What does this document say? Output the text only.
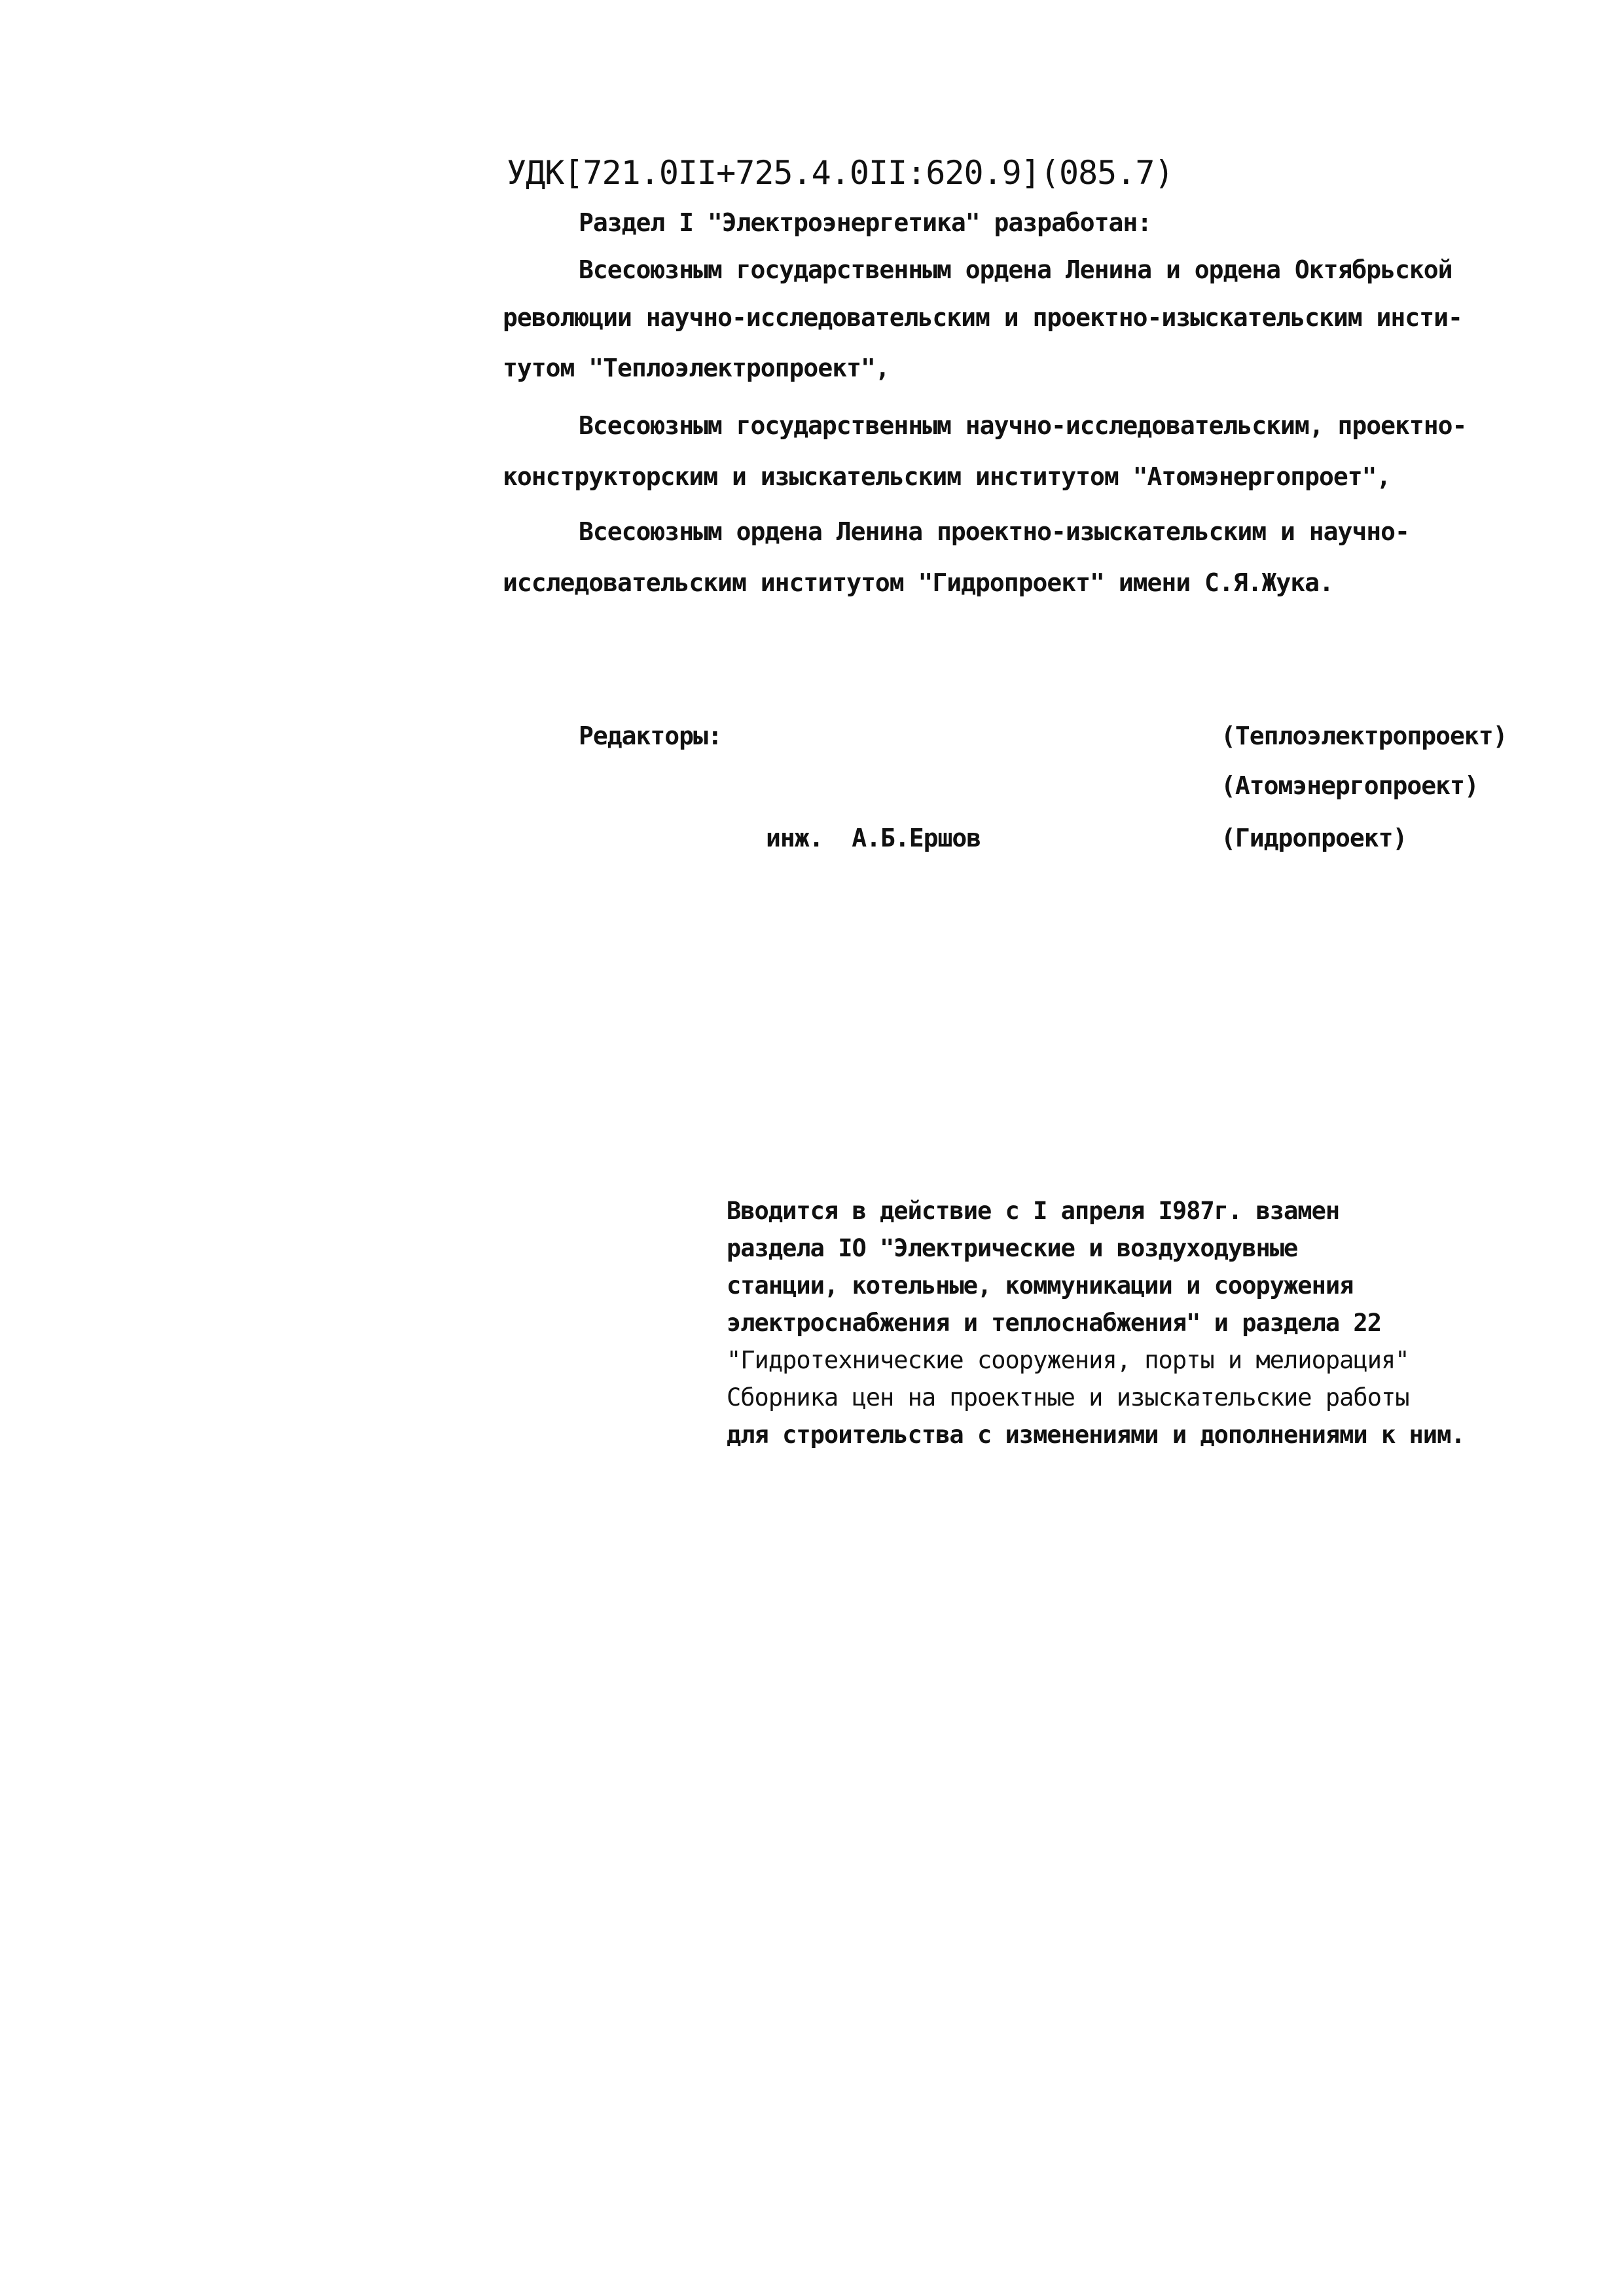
УДК[721.0II+725.4.0II:620.9](085.7)
Раздел I "Электроэнергетика" разработан:
Всесоюзным государственным ордена Ленина и ордена Октябрьской
революции научно-исследовательским и проектно-изыскательским инсти-
тутом "Теплоэлектропроект",
Всесоюзным государственным научно-исследовательским, проектно-
конструкторским и изыскательским институтом "Атомэнергопроет",
Всесоюзным ордена Ленина проектно-изыскательским и научно-
исследовательским институтом "Гидропроект" имени С.Я.Жука.
Редакторы:	(Теплоэлектропроект)
(Атомэнергопроект)
инж.  А.Б.Ершов	(Гидропроект)
Вводится в действие с I апреля I987г. взамен
раздела IO "Электрические и воздуходувные
станции, котельные, коммуникации и сооружения
электроснабжения и теплоснабжения" и раздела 22
"Гидротехнические сооружения, порты и мелиорация"
Сборника цен на проектные и изыскательские работы
для строительства с изменениями и дополнениями к ним.
